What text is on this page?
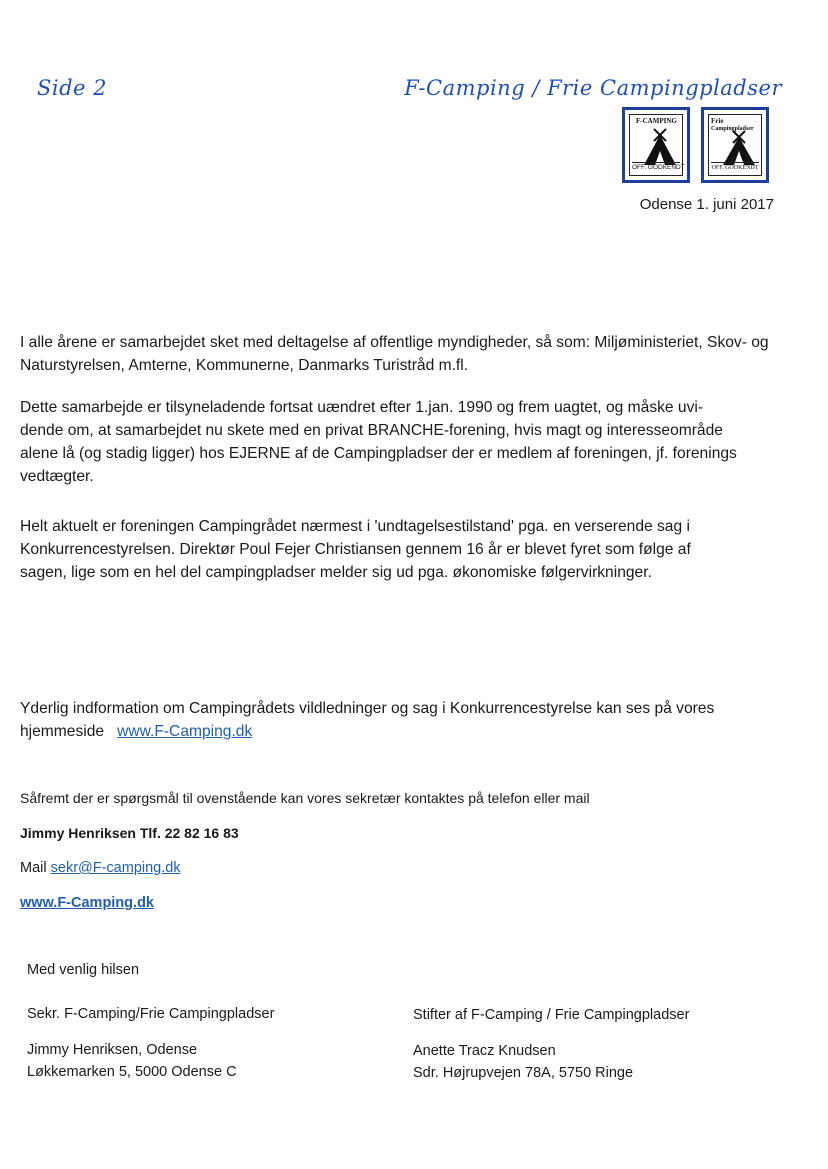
Side 2	F-Camping / Frie Campingpladser
F-CAMPING
OFF. GODKENDT
Frie
Campingpladser
OFF. GODKENDT
Odense 1. juni 2017

I alle årene er samarbejdet sket med deltagelse af offentlige myndigheder, så som: Miljøministeriet, Skov- og Naturstyrelsen, Amterne, Kommunerne, Danmarks Turistråd m.fl.

Dette samarbejde er tilsyneladende fortsat uændret efter 1.jan. 1990 og frem uagtet, og måske uvi-
dende om, at samarbejdet nu skete med en privat BRANCHE-forening, hvis magt og interesseområde
alene lå (og stadig ligger) hos EJERNE af de Campingpladser der er medlem af foreningen, jf. forenings
vedtægter.
Helt aktuelt er foreningen Campingrådet nærmest i 'undtagelsestilstand' pga. en verserende sag i
Konkurrencestyrelsen. Direktør Poul Fejer Christiansen gennem 16 år er blevet fyret som følge af
sagen, lige som en hel del campingpladser melder sig ud pga. økonomiske følgervirkninger.
Yderlig indformation om Campingrådets vildledninger og sag i Konkurrencestyrelse kan ses på vores
hjemmeside www.F-Camping.dk
Såfremt der er spørgsmål til ovenstående kan vores sekretær kontaktes på telefon eller mail
Jimmy Henriksen Tlf. 22 82 16 83
Mail sekr@F-camping.dk
www.F-Camping.dk
Med venlig hilsen
Sekr. F-Camping/Frie Campingpladser
Jimmy Henriksen, Odense
Løkkemarken 5, 5000 Odense C
Stifter af F-Camping / Frie Campingpladser
Anette Tracz Knudsen
Sdr. Højrupvejen 78A, 5750 Ringe
